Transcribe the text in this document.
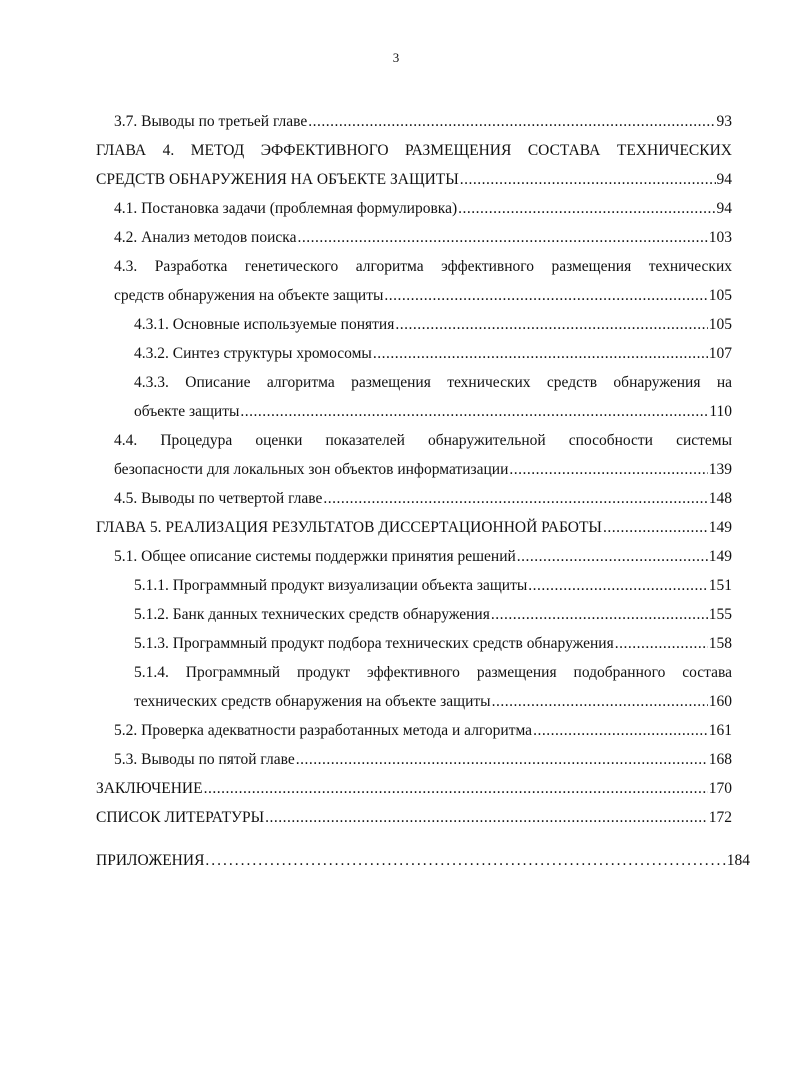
3
3.7. Выводы по третьей главе .....	93
ГЛАВА 4. МЕТОД ЭФФЕКТИВНОГО РАЗМЕЩЕНИЯ СОСТАВА ТЕХНИЧЕСКИХ
СРЕДСТВ ОБНАРУЖЕНИЯ НА ОБЪЕКТЕ ЗАЩИТЫ .....	94
4.1. Постановка задачи (проблемная формулировка) .....	94
4.2. Анализ методов поиска .....	103
4.3. Разработка генетического алгоритма эффективного размещения технических
средств обнаружения на объекте защиты .....	105
4.3.1. Основные используемые понятия .....	105
4.3.2. Синтез структуры хромосомы .....	107
4.3.3. Описание алгоритма размещения технических средств обнаружения на
объекте защиты .....	110
4.4. Процедура оценки показателей обнаружительной способности системы
безопасности для локальных зон объектов информатизации .....	139
4.5. Выводы по четвертой главе .....	148
ГЛАВА 5. РЕАЛИЗАЦИЯ РЕЗУЛЬТАТОВ ДИССЕРТАЦИОННОЙ РАБОТЫ .....	149
5.1. Общее описание системы поддержки принятия решений .....	149
5.1.1. Программный продукт визуализации объекта защиты .....	151
5.1.2. Банк данных технических средств обнаружения .....	155
5.1.3. Программный продукт подбора технических средств обнаружения .....	158
5.1.4. Программный продукт эффективного размещения подобранного состава
технических средств обнаружения на объекте защиты .....	160
5.2. Проверка адекватности разработанных метода и алгоритма .....	161
5.3. Выводы по пятой главе .....	168
ЗАКЛЮЧЕНИЕ .....	170
СПИСОК ЛИТЕРАТУРЫ .....	172
ПРИЛОЖЕНИЯ .....	184
